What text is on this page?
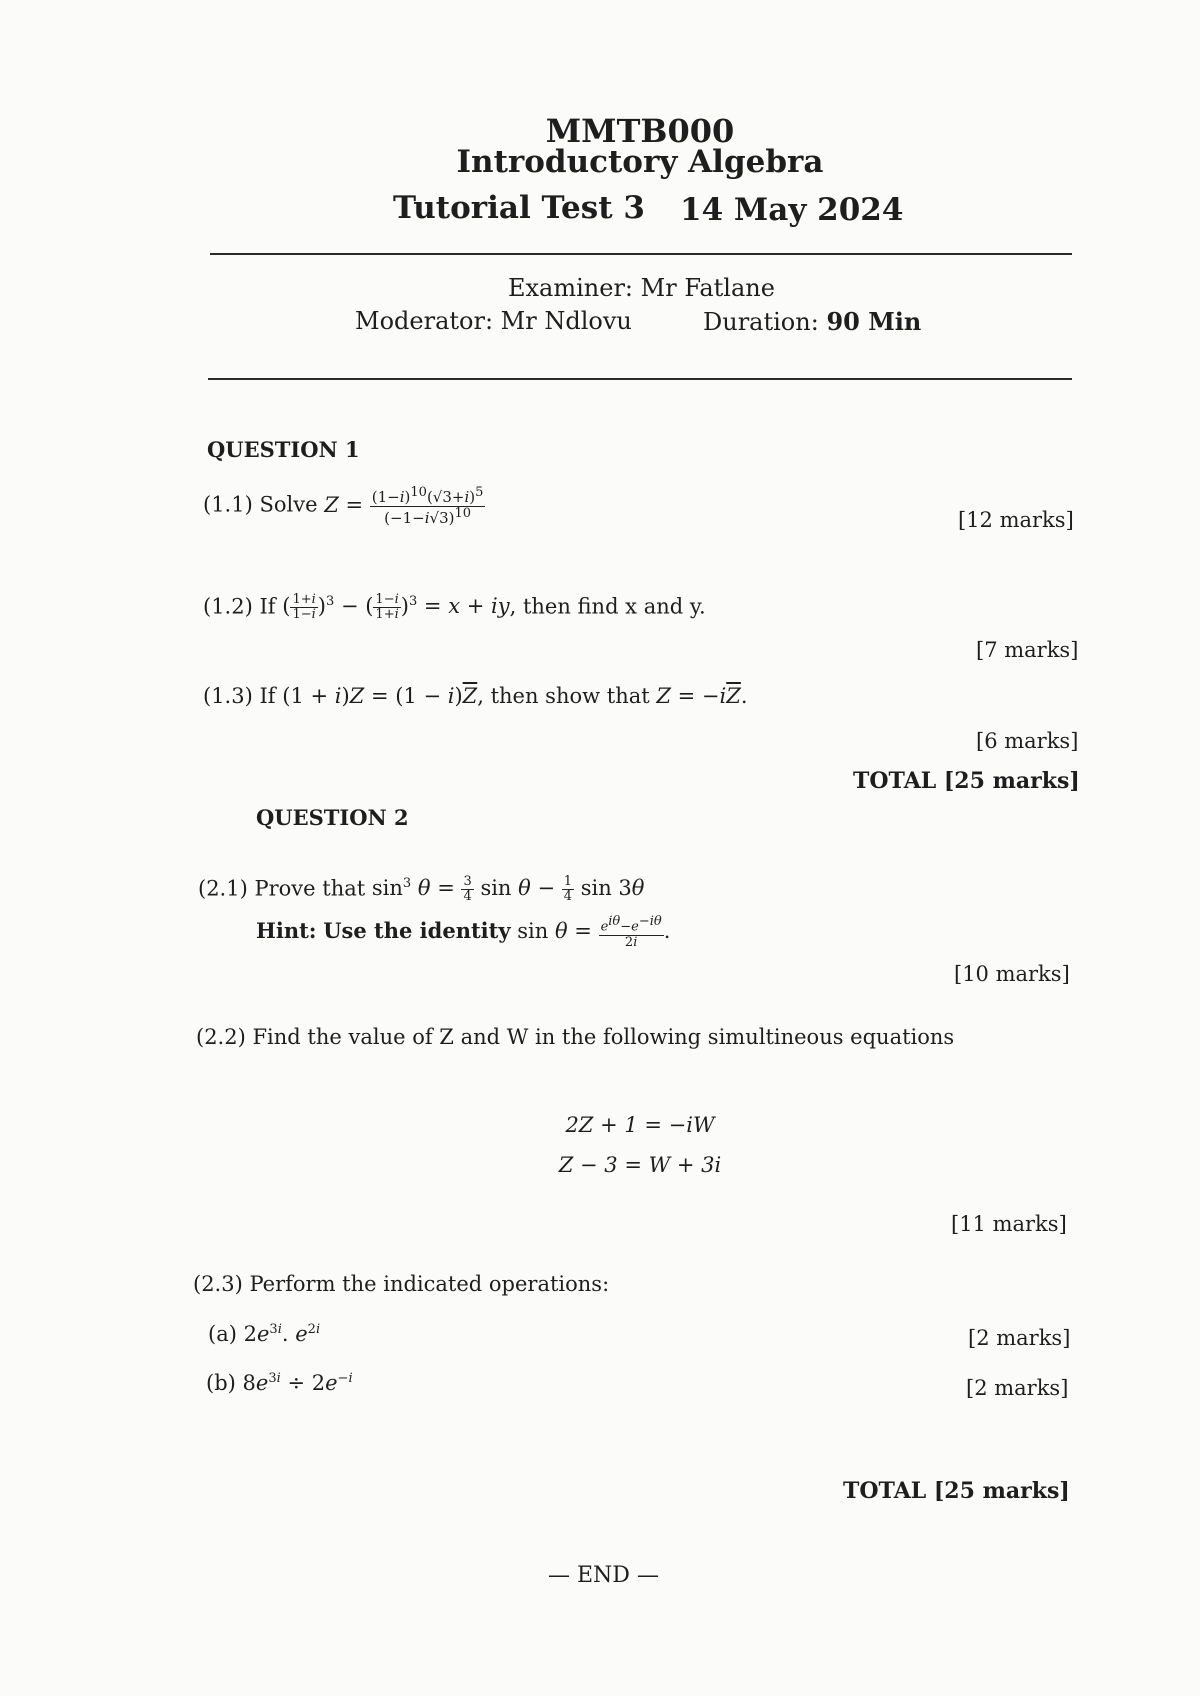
MMTB000
Introductory Algebra
Tutorial Test 3 14 May 2024
Examiner: Mr Fatlane
Moderator: Mr Ndlovu	Duration: 90 Min
QUESTION 1
(1.1) Solve $Z = \frac{(1-i)^{10}(√3+i)^5}{(-1-i√3)^{10}}$	[12 marks]
(1.2) If ( $\frac{1+i}{1-i} )^3$ − ( $\frac{1-i}{1+i} )^3 = x$ + iy, then find x and y.
[7 marks]
(1.3) If $(1 + i)Z = (1 - i)\overline{Z}$, then show that $Z = -i\overline{Z}$.
[6 marks]
TOTAL [25 marks]
QUESTION 2
(2.1) Prove that $\sin^3 \theta = \frac{3}{4}$ $\sin \theta - \frac{1}{4}$ sin 3θ
Hint: Use the identity $\sin \theta = \frac{e^{i\theta}-e^{-i\theta}}{2i}$ .
[10 marks]
(2.2) Find the value of Z and W in the following simultineous equations
2Z + 1 = −iW
Z − 3 = W + 3i
[11 marks]
(2.3) Perform the indicated operations:
(a) $2e^{3i}$. $e^{2i}$	[2 marks]
(b) $8e^{3i} \div 2e^{-i}$	[2 marks]
TOTAL [25 marks]
— END —
